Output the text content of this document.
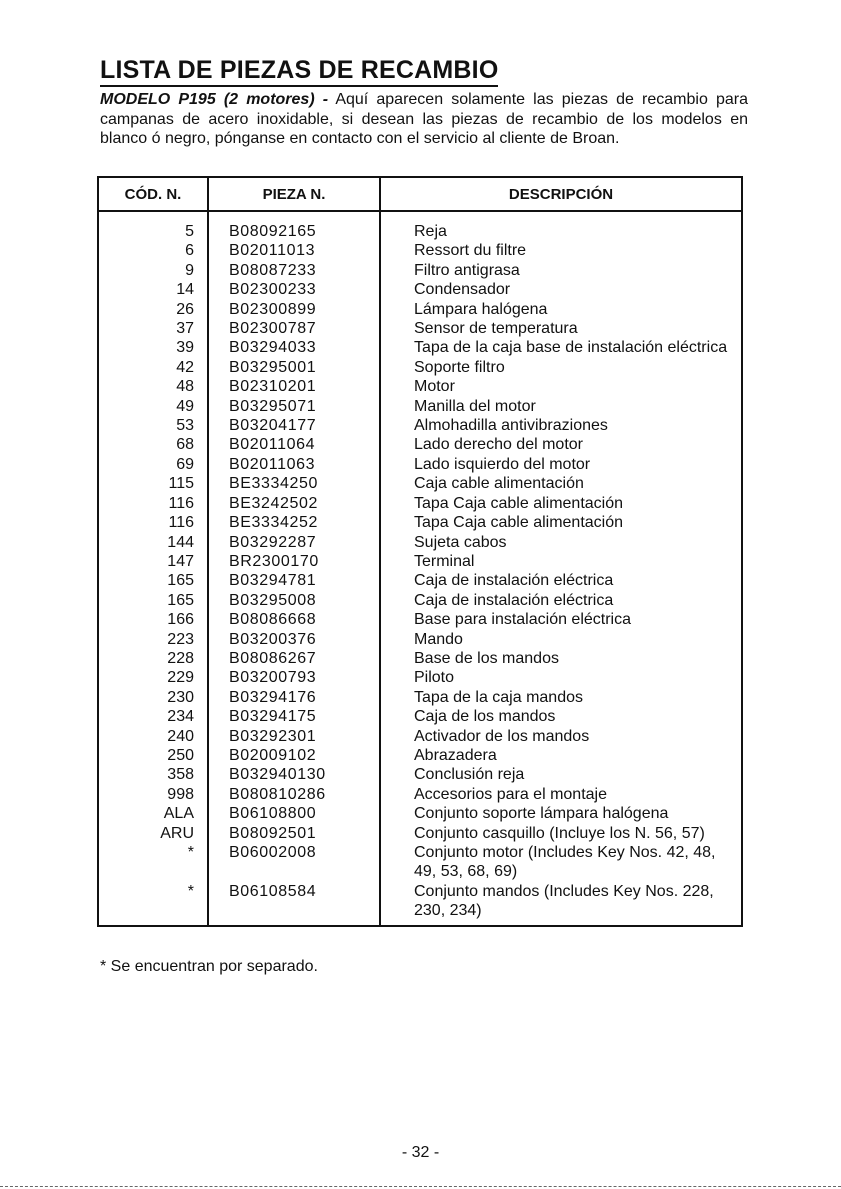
LISTA DE PIEZAS DE RECAMBIO

MODELO P195 (2 motores) - Aquí aparecen solamente las piezas de recambio para campanas de acero inoxidable, si desean las piezas de recambio de los modelos en blanco ó negro, pónganse en contacto con el servicio al cliente de Broan.

CÓD. N.	PIEZA N.	DESCRIPCIÓN
5	B08092165	Reja
6	B02011013	Ressort du filtre
9	B08087233	Filtro antigrasa
14	B02300233	Condensador
26	B02300899	Lámpara halógena
37	B02300787	Sensor de temperatura
39	B03294033	Tapa de la caja base de instalación eléctrica
42	B03295001	Soporte filtro
48	B02310201	Motor
49	B03295071	Manilla del motor
53	B03204177	Almohadilla antivibraziones
68	B02011064	Lado derecho del motor
69	B02011063	Lado isquierdo del motor
115	BE3334250	Caja cable alimentación
116	BE3242502	Tapa Caja cable alimentación
116	BE3334252	Tapa Caja cable alimentación
144	B03292287	Sujeta cabos
147	BR2300170	Terminal
165	B03294781	Caja de instalación eléctrica
165	B03295008	Caja de instalación eléctrica
166	B08086668	Base para instalación eléctrica
223	B03200376	Mando
228	B08086267	Base de los mandos
229	B03200793	Piloto
230	B03294176	Tapa de la caja mandos
234	B03294175	Caja de los mandos
240	B03292301	Activador de los mandos
250	B02009102	Abrazadera
358	B032940130	Conclusión reja
998	B080810286	Accesorios para el montaje
ALA	B06108800	Conjunto soporte lámpara halógena
ARU	B08092501	Conjunto casquillo (Incluye los N. 56, 57)
*	B06002008	Conjunto motor (Includes Key Nos. 42, 48, 49, 53, 68, 69)
*	B06108584	Conjunto mandos (Includes Key Nos. 228, 230, 234)
* Se encuentran por separado.
- 32 -
